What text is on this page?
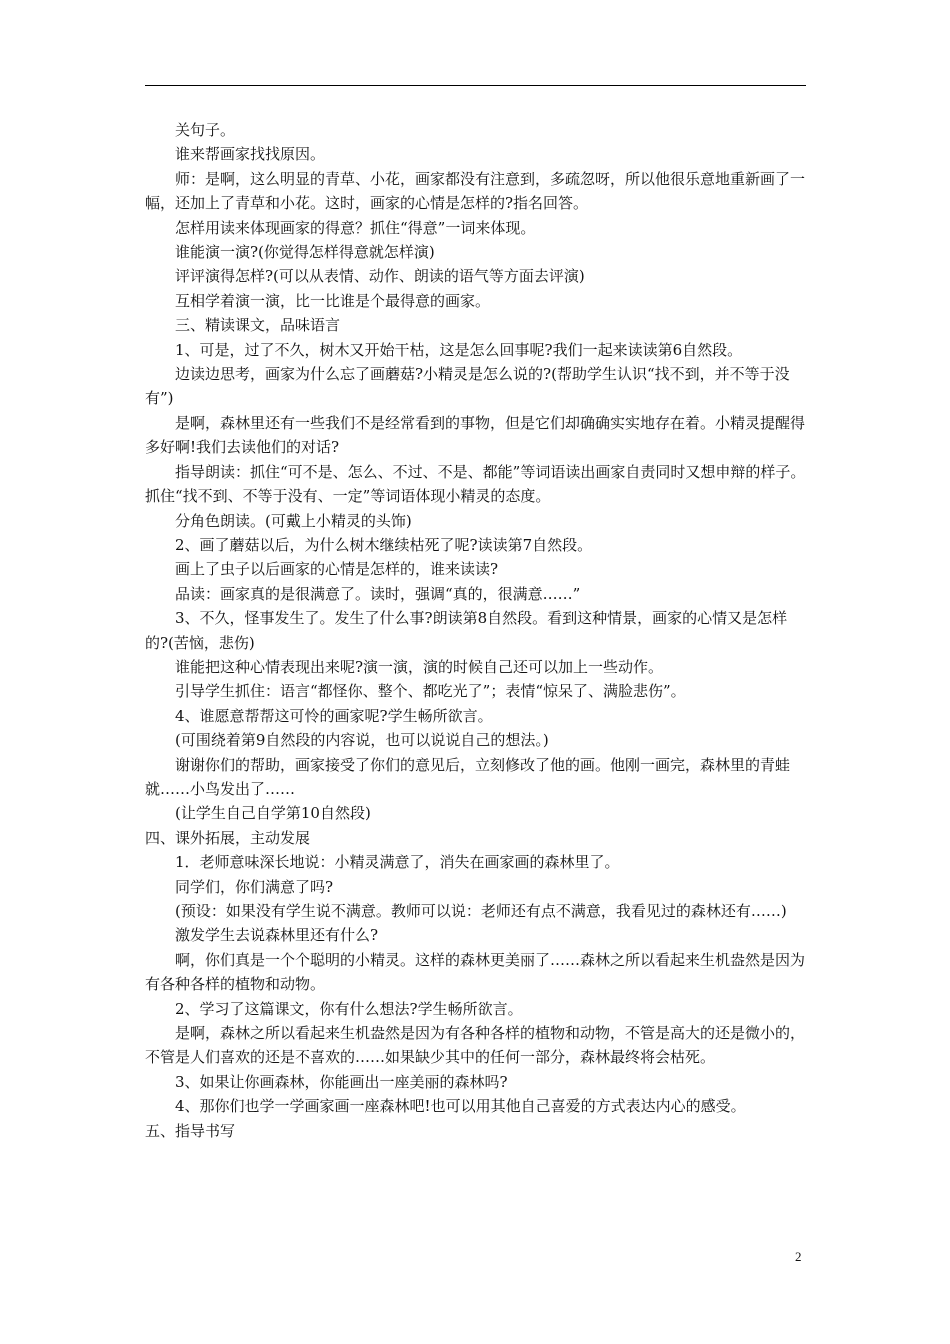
　　关句子。

　　谁来帮画家找找原因。

　　师：是啊，这么明显的青草、小花，画家都没有注意到，多疏忽呀，所以他很乐意地重新画了一幅，还加上了青草和小花。这时，画家的心情是怎样的?指名回答。

　　怎样用读来体现画家的得意？抓住“得意”一词来体现。

　　谁能演一演?(你觉得怎样得意就怎样演)

　　评评演得怎样?(可以从表情、动作、朗读的语气等方面去评演)

　　互相学着演一演，比一比谁是个最得意的画家。

　　三、精读课文，品味语言

　　1、可是，过了不久，树木又开始干枯，这是怎么回事呢?我们一起来读读第6自然段。

　　边读边思考，画家为什么忘了画蘑菇?小精灵是怎么说的?(帮助学生认识“找不到，并不等于没有”)

　　是啊，森林里还有一些我们不是经常看到的事物，但是它们却确确实实地存在着。小精灵提醒得多好啊!我们去读他们的对话?

　　指导朗读：抓住“可不是、怎么、不过、不是、都能”等词语读出画家自责同时又想申辩的样子。抓住“找不到、不等于没有、一定”等词语体现小精灵的态度。

　　分角色朗读。(可戴上小精灵的头饰)

　　2、画了蘑菇以后，为什么树木继续枯死了呢?读读第7自然段。

　　画上了虫子以后画家的心情是怎样的，谁来读读?

　　品读：画家真的是很满意了。读时，强调“真的，很满意……”

　　3、不久，怪事发生了。发生了什么事?朗读第8自然段。看到这种情景，画家的心情又是怎样的?(苦恼，悲伤)

　　谁能把这种心情表现出来呢?演一演，演的时候自己还可以加上一些动作。

　　引导学生抓住：语言“都怪你、整个、都吃光了”；表情“惊呆了、满脸悲伤”。

　　4、谁愿意帮帮这可怜的画家呢?学生畅所欲言。

　　(可围绕着第9自然段的内容说，也可以说说自己的想法。)

　　谢谢你们的帮助，画家接受了你们的意见后，立刻修改了他的画。他刚一画完，森林里的青蛙就……小鸟发出了……

　　(让学生自己自学第10自然段)

四、课外拓展，主动发展

　　1．老师意味深长地说：小精灵满意了，消失在画家画的森林里了。

　　同学们，你们满意了吗?

　　(预设：如果没有学生说不满意。教师可以说：老师还有点不满意，我看见过的森林还有……)

　　激发学生去说森林里还有什么?

　　啊，你们真是一个个聪明的小精灵。这样的森林更美丽了……森林之所以看起来生机盎然是因为有各种各样的植物和动物。

　　2、学习了这篇课文，你有什么想法?学生畅所欲言。

　　是啊，森林之所以看起来生机盎然是因为有各种各样的植物和动物，不管是高大的还是微小的，不管是人们喜欢的还是不喜欢的……如果缺少其中的任何一部分，森林最终将会枯死。

　　3、如果让你画森林，你能画出一座美丽的森林吗?

　　4、那你们也学一学画家画一座森林吧!也可以用其他自己喜爱的方式表达内心的感受。

五、指导书写

2
